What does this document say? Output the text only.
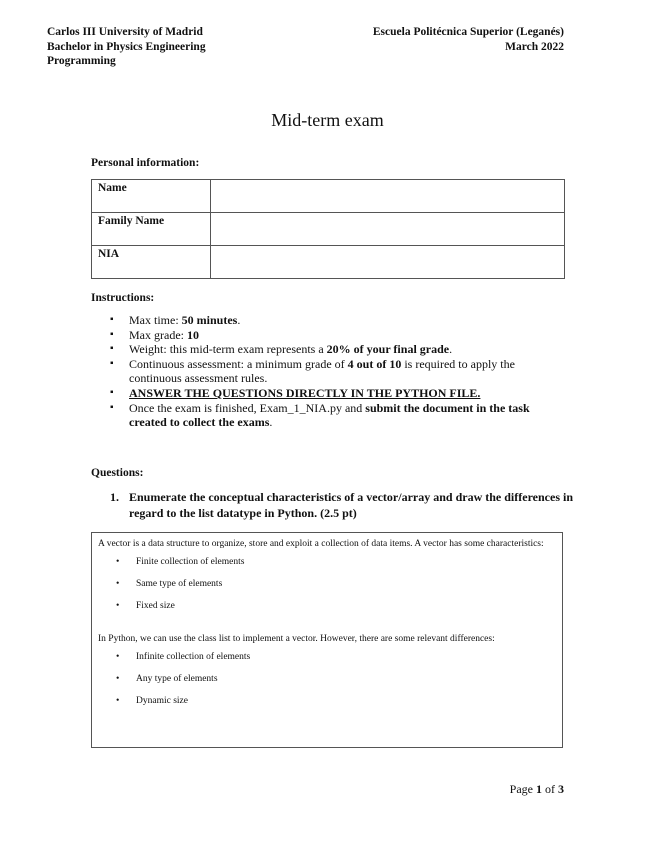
Carlos III University of Madrid
Bachelor in Physics Engineering
Programming
Escuela Politécnica Superior (Leganés)
March 2022
Mid-term exam
Personal information:
Name	
Family Name	
NIA	
Instructions:
▪ Max time: 50 minutes.
▪ Max grade: 10
▪ Weight: this mid-term exam represents a 20% of your final grade.
▪ Continuous assessment: a minimum grade of 4 out of 10 is required to apply the continuous assessment rules.
▪ ANSWER THE QUESTIONS DIRECTLY IN THE PYTHON FILE.
▪ Once the exam is finished, Exam_1_NIA.py and submit the document in the task created to collect the exams.
Questions:
1. Enumerate the conceptual characteristics of a vector/array and draw the differences in regard to the list datatype in Python. (2.5 pt)

A vector is a data structure to organize, store and exploit a collection of data items. A vector has some characteristics:

• Finite collection of elements
• Same type of elements
• Fixed size

In Python, we can use the class list to implement a vector. However, there are some relevant differences:

• Infinite collection of elements
• Any type of elements
• Dynamic size
Page 1 of 3
